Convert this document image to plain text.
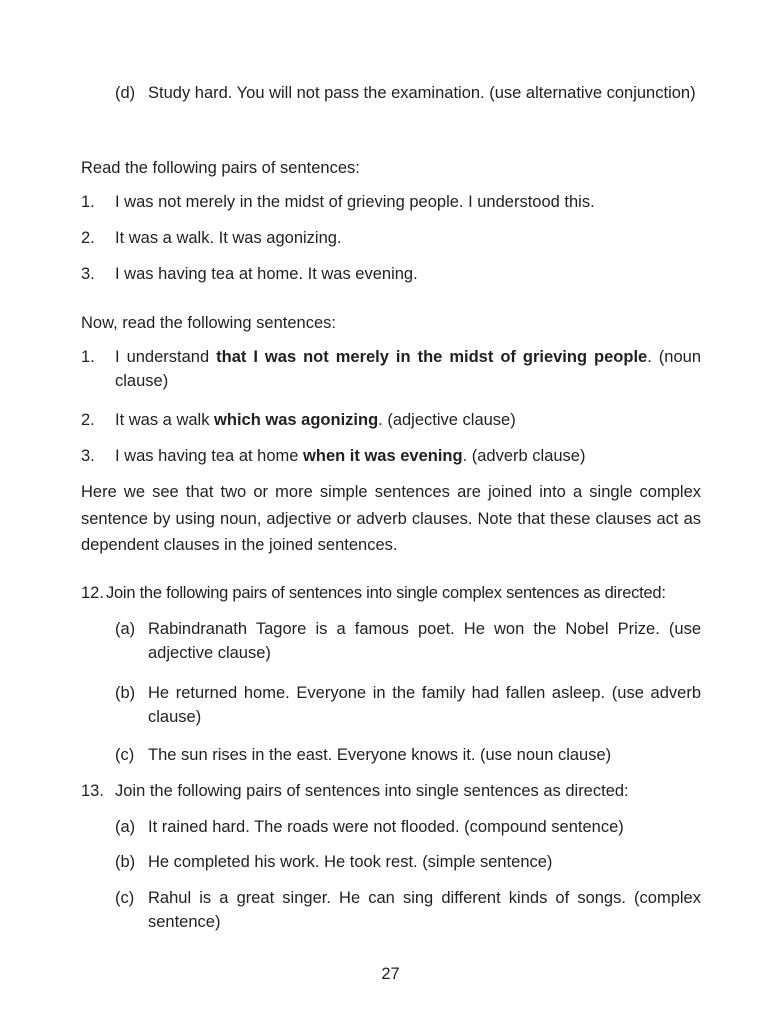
(d) Study hard. You will not pass the examination. (use alternative conjunction)
Read the following pairs of sentences:
1.	I was not merely in the midst of grieving people. I understood this.
2.	It was a walk. It was agonizing.
3.	I was having tea at home. It was evening.
Now, read the following sentences:
1.	I understand that I was not merely in the midst of grieving people. (noun clause)
2.	It was a walk which was agonizing. (adjective clause)
3.	I was having tea at home when it was evening. (adverb clause)
Here we see that two or more simple sentences are joined into a single complex sentence by using noun, adjective or adverb clauses. Note that these clauses act as dependent clauses in the joined sentences.
12. Join the following pairs of sentences into single complex sentences as directed:
(a) Rabindranath Tagore is a famous poet. He won the Nobel Prize. (use adjective clause)
(b) He returned home. Everyone in the family had fallen asleep. (use adverb clause)
(c) The sun rises in the east. Everyone knows it. (use noun clause)
13. Join the following pairs of sentences into single sentences as directed:
(a) It rained hard. The roads were not flooded. (compound sentence)
(b) He completed his work. He took rest. (simple sentence)
(c) Rahul is a great singer. He can sing different kinds of songs. (complex sentence)
27
